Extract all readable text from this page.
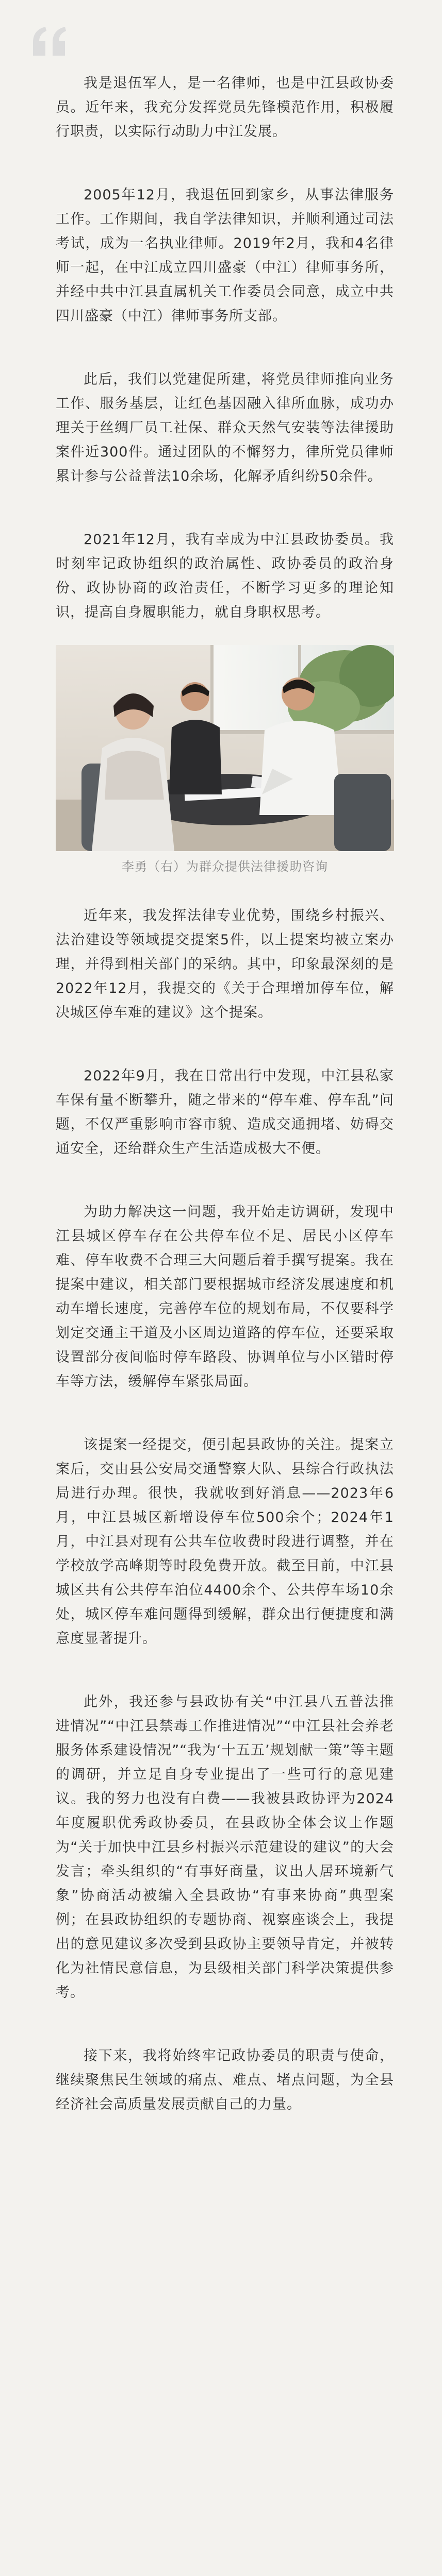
我是退伍军人，是一名律师，也是中江县政协委员。近年来，我充分发挥党员先锋模范作用，积极履行职责，以实际行动助力中江发展。

2005年12月，我退伍回到家乡，从事法律服务工作。工作期间，我自学法律知识，并顺利通过司法考试，成为一名执业律师。2019年2月，我和4名律师一起，在中江成立四川盛豪（中江）律师事务所，并经中共中江县直属机关工作委员会同意，成立中共四川盛豪（中江）律师事务所支部。

此后，我们以党建促所建，将党员律师推向业务工作、服务基层，让红色基因融入律所血脉，成功办理关于丝绸厂员工社保、群众天然气安装等法律援助案件近300件。通过团队的不懈努力，律所党员律师累计参与公益普法10余场，化解矛盾纠纷50余件。

2021年12月，我有幸成为中江县政协委员。我时刻牢记政协组织的政治属性、政协委员的政治身份、政协协商的政治责任，不断学习更多的理论知识，提高自身履职能力，就自身职权思考。

李勇（右）为群众提供法律援助咨询

近年来，我发挥法律专业优势，围绕乡村振兴、法治建设等领域提交提案5件，以上提案均被立案办理，并得到相关部门的采纳。其中，印象最深刻的是2022年12月，我提交的《关于合理增加停车位，解决城区停车难的建议》这个提案。

2022年9月，我在日常出行中发现，中江县私家车保有量不断攀升，随之带来的“停车难、停车乱”问题，不仅严重影响市容市貌、造成交通拥堵、妨碍交通安全，还给群众生产生活造成极大不便。

为助力解决这一问题，我开始走访调研，发现中江县城区停车存在公共停车位不足、居民小区停车难、停车收费不合理三大问题后着手撰写提案。我在提案中建议，相关部门要根据城市经济发展速度和机动车增长速度，完善停车位的规划布局，不仅要科学划定交通主干道及小区周边道路的停车位，还要采取设置部分夜间临时停车路段、协调单位与小区错时停车等方法，缓解停车紧张局面。

该提案一经提交，便引起县政协的关注。提案立案后，交由县公安局交通警察大队、县综合行政执法局进行办理。很快，我就收到好消息——2023年6月，中江县城区新增设停车位500余个；2024年1月，中江县对现有公共车位收费时段进行调整，并在学校放学高峰期等时段免费开放。截至目前，中江县城区共有公共停车泊位4400余个、公共停车场10余处，城区停车难问题得到缓解，群众出行便捷度和满意度显著提升。

此外，我还参与县政协有关“中江县八五普法推进情况”“中江县禁毒工作推进情况”“中江县社会养老服务体系建设情况”“我为‘十五五’规划献一策”等主题的调研，并立足自身专业提出了一些可行的意见建议。我的努力也没有白费——我被县政协评为2024年度履职优秀政协委员，在县政协全体会议上作题为“关于加快中江县乡村振兴示范建设的建议”的大会发言；牵头组织的“有事好商量，议出人居环境新气象”协商活动被编入全县政协“有事来协商”典型案例；在县政协组织的专题协商、视察座谈会上，我提出的意见建议多次受到县政协主要领导肯定，并被转化为社情民意信息，为县级相关部门科学决策提供参考。

接下来，我将始终牢记政协委员的职责与使命，继续聚焦民生领域的痛点、难点、堵点问题，为全县经济社会高质量发展贡献自己的力量。
